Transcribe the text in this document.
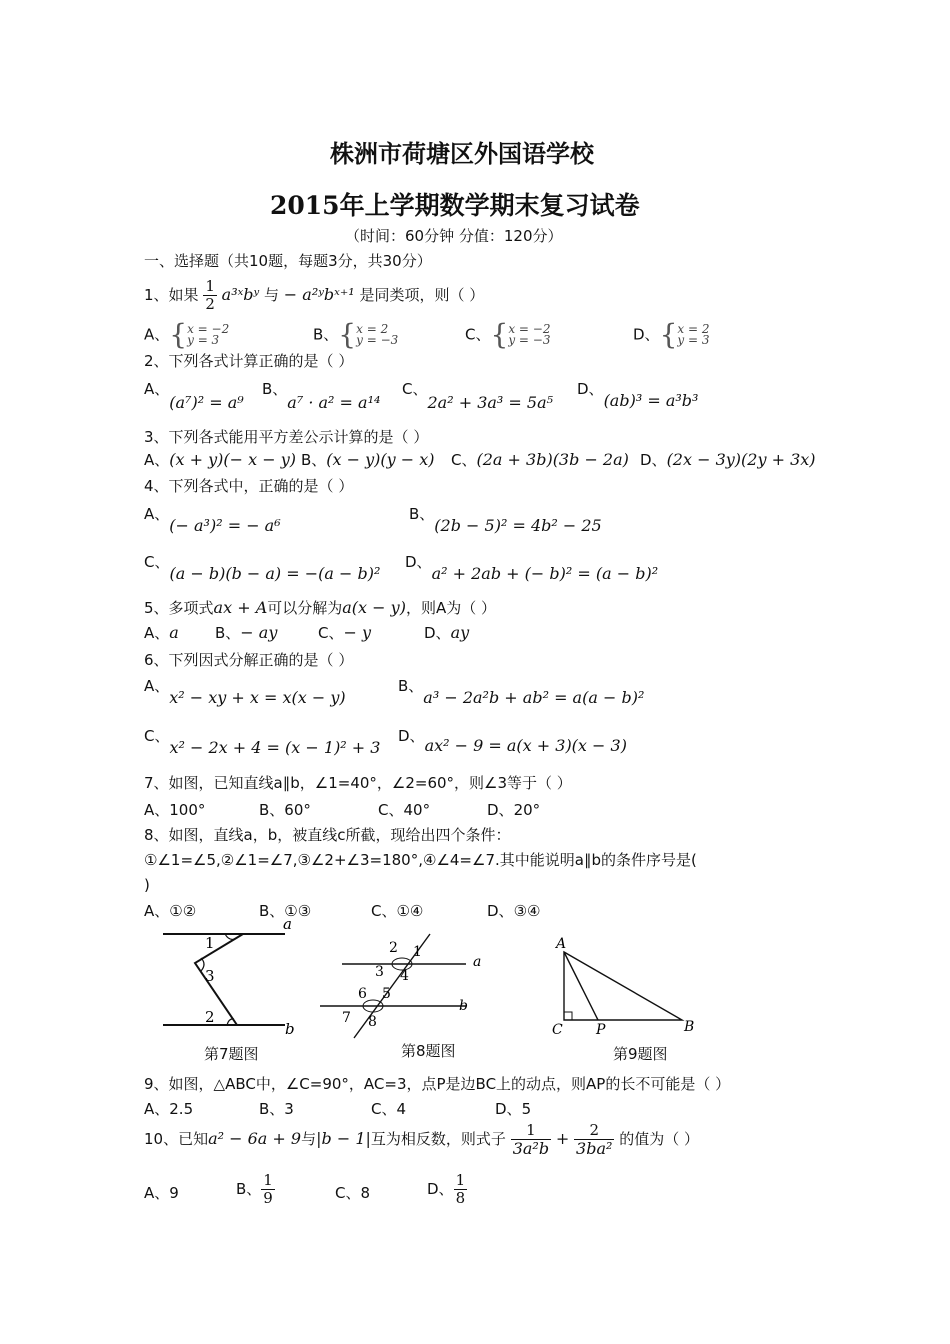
株洲市荷塘区外国语学校
2015年上学期数学期末复习试卷
（时间：60分钟 分值：120分）
一、选择题（共10题，每题3分，共30分）
1、如果 $\frac{1}{2}$ a³ˣbʸ 与 − a²ʸbˣ⁺¹ 是同类项，则（ ）
A、{x = −2
y = 3	B、{x = 2
y = −3	C、{x = −2
y = −3	D、{x = 2
y = 3
2、下列各式计算正确的是（ ）
A、(a⁷)² = a⁹
B、a⁷ · a² = a¹⁴
C、2a² + 3a³ = 5a⁵
D、(ab)³ = a³b³
3、下列各式能用平方差公示计算的是（ ）
A、(x + y)(− x − y) B、(x − y)(y − x) C、(2a + 3b)(3b − 2a) D、(2x − 3y)(2y + 3x)
4、下列各式中，正确的是（ ）
A、(− a³)² = − a⁶
B、(2b − 5)² = 4b² − 25
C、(a − b)(b − a) = −(a − b)²
D、a² + 2ab + (− b)² = (a − b)²
5、多项式ax + A可以分解为a(x − y)，则A为（ ）
A、a B、− ay	C、− y	D、ay
6、下列因式分解正确的是（ ）
A、x² − xy + x = x(x − y)
B、a³ − 2a²b + ab² = a(a − b)²
C、x² − 2x + 4 = (x − 1)² + 3
D、ax² − 9 = a(x + 3)(x − 3)
7、如图，已知直线a∥b，∠1=40°，∠2=60°，则∠3等于（ ）
A、100°	B、60°	C、40°	D、20°
8、如图，直线a，b，被直线c所截，现给出四个条件：
①∠1=∠5,②∠1=∠7,③∠2+∠3=180°,④∠4=∠7.其中能说明a∥b的条件序号是(
)
A、①②	B、①③	C、①④	D、③④
1
3
2
a
b
第7题图
2 1
3 4
a
6 5
7 8
b
第8题图
A
C P	B
第9题图
9、如图，△ABC中，∠C=90°，AC=3，点P是边BC上的动点，则AP的长不可能是（ ）
A、2.5	B、3	C、4	D、5
10、已知a² − 6a + 9与|b − 1|互为相反数，则式子 $\frac{1}{\text{3a²b}} + \frac{2}{\text{3ba²}}$ 的值为（ ）
A、9	B、 $\frac{1}{9}$	C、8	D、 $\frac{1}{8}$
